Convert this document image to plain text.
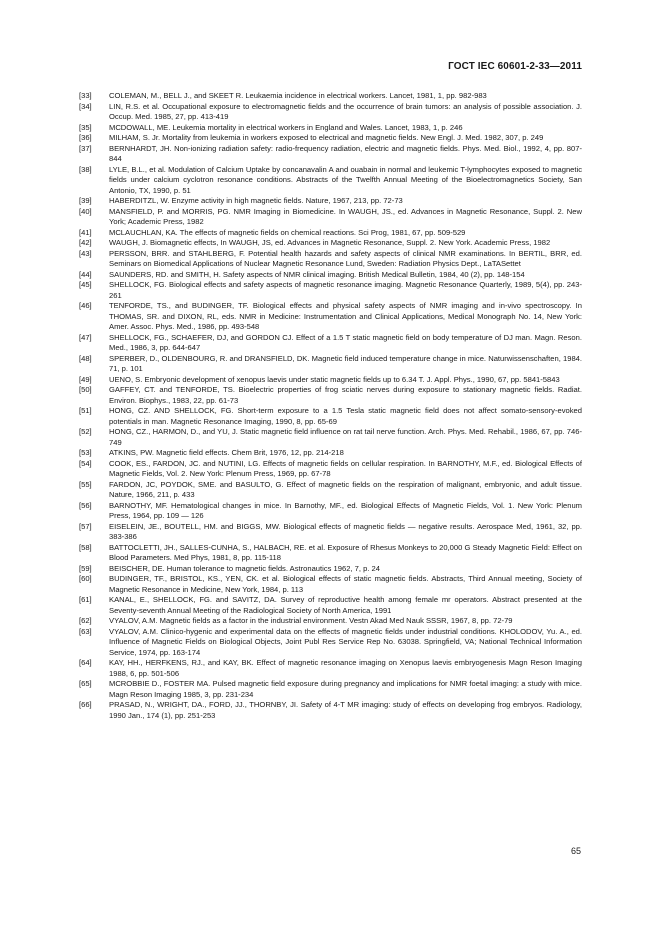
ГОСТ IEC 60601-2-33—2011
[33]	COLEMAN, M., BELL J., and SKEET R. Leukaemia incidence in electrical workers. Lancet, 1981, 1, pp. 982-983
[34]	LIN, R.S. et al. Occupational exposure to electromagnetic fields and the occurrence of brain tumors: an analysis of possible association. J. Occup. Med. 1985, 27, pp. 413-419
[35]	MCDOWALL, ME. Leukemia mortality in electrical workers in England and Wales. Lancet, 1983, 1, p. 246
[36]	MILHAM, S. Jr. Mortality from leukemia in workers exposed to electrical and magnetic fields. New Engl. J. Med. 1982, 307, p. 249
[37]	BERNHARDT, JH. Non-ionizing radiation safety: radio-frequency radiation, electric and magnetic fields. Phys. Med. Biol., 1992, 4, pp. 807-844
[38]	LYLE, B.L., et al. Modulation of Calcium Uptake by concanavalin A and ouabain in normal and leukemic T-lymphocytes exposed to magnetic fields under calcium cyclotron resonance conditions. Abstracts of the Twelfth Annual Meeting of the Bioelectromagnetics Society, San Antonio, TX, 1990, p. 51
[39]	HABERDITZL, W. Enzyme activity in high magnetic fields. Nature, 1967, 213, pp. 72-73
[40]	MANSFIELD, P. and MORRIS, PG. NMR Imaging in Biomedicine. In WAUGH, JS., ed. Advances in Magnetic Resonance, Suppl. 2. New York; Academic Press, 1982
[41]	MCLAUCHLAN, KA. The effects of magnetic fields on chemical reactions. Sci Prog, 1981, 67, pp. 509-529
[42]	WAUGH, J. Biomagnetic effects, In WAUGH, JS, ed. Advances in Magnetic Resonance, Suppl. 2. New York. Academic Press, 1982
[43]	PERSSON, BRR. and STAHLBERG, F. Potential health hazards and safety aspects of clinical NMR examinations. In BERTIL, BRR, ed. Seminars on Biomedical Applications of Nuclear Magnetic Resonance Lund, Sweden: Radiation Physics Dept., LaTASettet
[44]	SAUNDERS, RD. and SMITH, H. Safety aspects of NMR clinical imaging. British Medical Bulletin, 1984, 40 (2), pp. 148-154
[45]	SHELLOCK, FG. Biological effects and safety aspects of magnetic resonance imaging. Magnetic Resonance Quarterly, 1989, 5(4), pp. 243-261
[46]	TENFORDE, TS., and BUDINGER, TF. Biological effects and physical safety aspects of NMR imaging and in-vivo spectroscopy. In THOMAS, SR. and DIXON, RL, eds. NMR in Medicine: Instrumentation and Clinical Applications, Medical Monograph No. 14, New York: Amer. Assoc. Phys. Med., 1986, pp. 493-548
[47]	SHELLOCK, FG., SCHAEFER, DJ, and GORDON CJ. Effect of a 1.5 T static magnetic field on body temperature of DJ man. Magn. Reson. Med., 1986, 3, pp. 644-647
[48]	SPERBER, D., OLDENBOURG, R. and DRANSFIELD, DK. Magnetic field induced temperature change in mice. Naturwissenschaften, 1984. 71, p. 101
[49]	UENO, S. Embryonic development of xenopus laevis under static magnetic fields up to 6.34 T. J. Appl. Phys., 1990, 67, pp. 5841-5843
[50]	GAFFEY, CT. and TENFORDE, TS. Bioelectric properties of frog sciatic nerves during exposure to stationary magnetic fields. Radiat. Environ. Biophys., 1983, 22, pp. 61-73
[51]	HONG, CZ. AND SHELLOCK, FG. Short-term exposure to a 1.5 Tesla static magnetic field does not affect somato-sensory-evoked potentials in man. Magnetic Resonance Imaging, 1990, 8, pp. 65-69
[52]	HONG, CZ., HARMON, D., and YU, J. Static magnetic field influence on rat tail nerve function. Arch. Phys. Med. Rehabil., 1986, 67, pp. 746-749
[53]	ATKINS, PW. Magnetic field effects. Chem Brit, 1976, 12, pp. 214-218
[54]	COOK, ES., FARDON, JC. and NUTINI, LG. Effects of magnetic fields on cellular respiration. In BARNOTHY, M.F., ed. Biological Effects of Magnetic Fields, Vol. 2. New York: Plenum Press, 1969, pp. 67-78
[55]	FARDON, JC, POYDOK, SME. and BASULTO, G. Effect of magnetic fields on the respiration of malignant, embryonic, and adult tissue. Nature, 1966, 211, p. 433
[56]	BARNOTHY, MF. Hematological changes in mice. In Barnothy, MF., ed. Biological Effects of Magnetic Fields, Vol. 1. New York: Plenum Press, 1964, pp. 109 — 126
[57]	EISELEIN, JE., BOUTELL, HM. and BIGGS, MW. Biological effects of magnetic fields — negative results. Aerospace Med, 1961, 32, pp. 383-386
[58]	BATTOCLETTI, JH., SALLES-CUNHA, S., HALBACH, RE. et al. Exposure of Rhesus Monkeys to 20,000 G Steady Magnetic Field: Effect on Blood Parameters. Med Phys, 1981, 8, pp. 115-118
[59]	BEISCHER, DE. Human tolerance to magnetic fields. Astronautics 1962, 7, p. 24
[60]	BUDINGER, TF., BRISTOL, KS., YEN, CK. et al. Biological effects of static magnetic fields. Abstracts, Third Annual meeting, Society of Magnetic Resonance in Medicine, New York, 1984, p. 113
[61]	KANAL, E., SHELLOCK, FG. and SAVITZ, DA. Survey of reproductive health among female mr operators. Abstract presented at the Seventy-seventh Annual Meeting of the Radiological Society of North America, 1991
[62]	VYALOV, A.M. Magnetic fields as a factor in the industrial environment. Vestn Akad Med Nauk SSSR, 1967, 8, pp. 72-79
[63]	VYALOV, A.M. Clinico-hygenic and experimental data on the effects of magnetic fields under industrial conditions. KHOLODOV, Yu. A., ed. Influence of Magnetic Fields on Biological Objects, Joint Publ Res Service Rep No. 63038. Springfield, VA; National Technical Information Service, 1974, pp. 163-174
[64]	KAY, HH., HERFKENS, RJ., and KAY, BK. Effect of magnetic resonance imaging on Xenopus laevis embryogenesis Magn Reson Imaging 1988, 6, pp. 501-506
[65]	MCROBBIE D., FOSTER MA. Pulsed magnetic field exposure during pregnancy and implications for NMR foetal imaging: a study with mice. Magn Reson Imaging 1985, 3, pp. 231-234
[66]	PRASAD, N., WRIGHT, DA., FORD, JJ., THORNBY, JI. Safety of 4-T MR imaging: study of effects on developing frog embryos. Radiology, 1990 Jan., 174 (1), pp. 251-253
65
